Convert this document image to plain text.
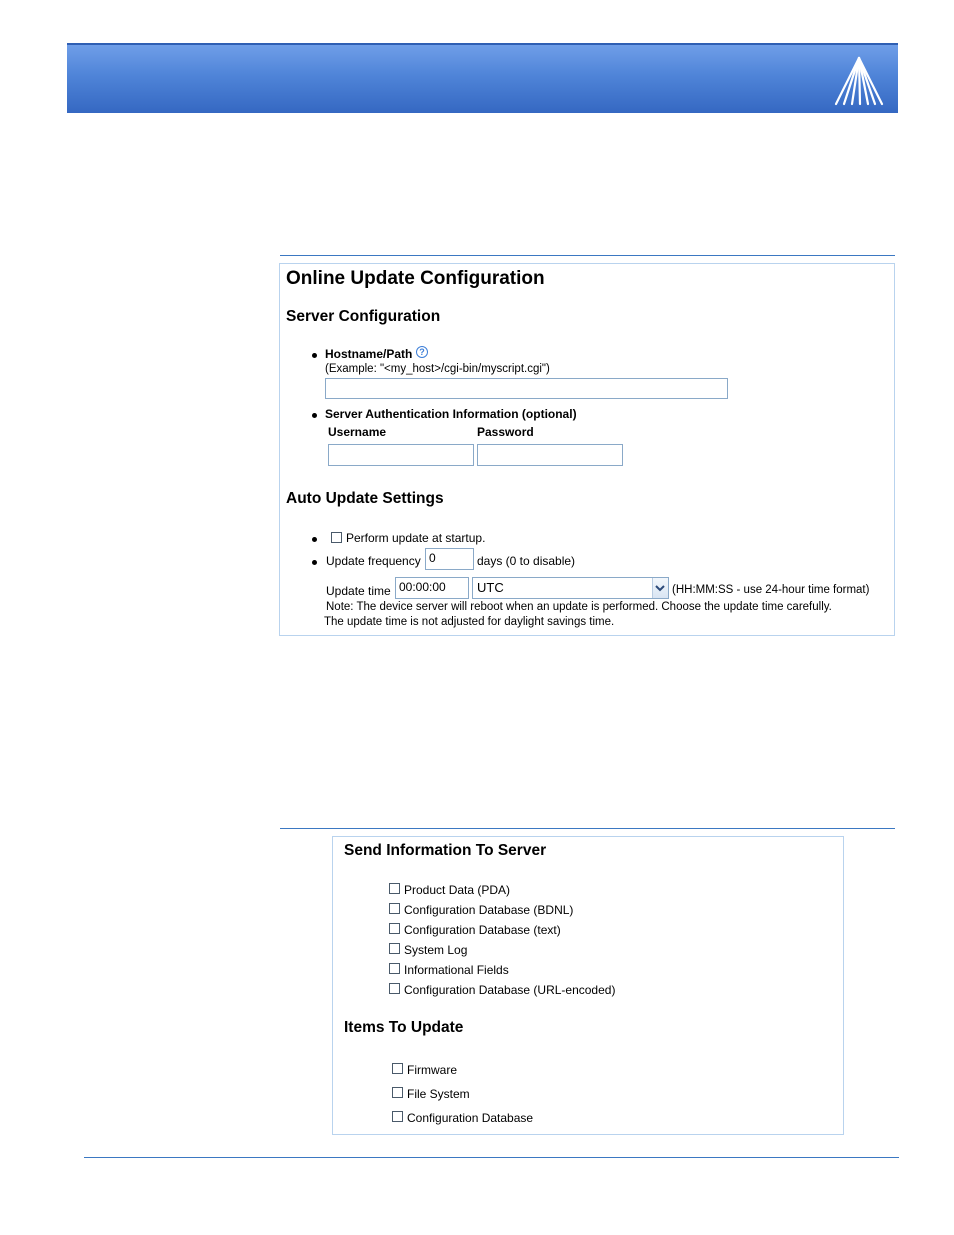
Online Update Configuration
Server Configuration
Hostname/Path ?
(Example: "<my_host>/cgi-bin/myscript.cgi")
Server Authentication Information (optional)
Username	Password
Auto Update Settings
Perform update at startup.
Update frequency 0	days (0 to disable)
Update time 00:00:00	UTC	(HH:MM:SS - use 24-hour time format)
Note: The device server will reboot when an update is performed. Choose the update time carefully.
The update time is not adjusted for daylight savings time.
Send Information To Server
Product Data (PDA)
Configuration Database (BDNL)
Configuration Database (text)
System Log
Informational Fields
Configuration Database (URL-encoded)
Items To Update
Firmware
File System
Configuration Database
